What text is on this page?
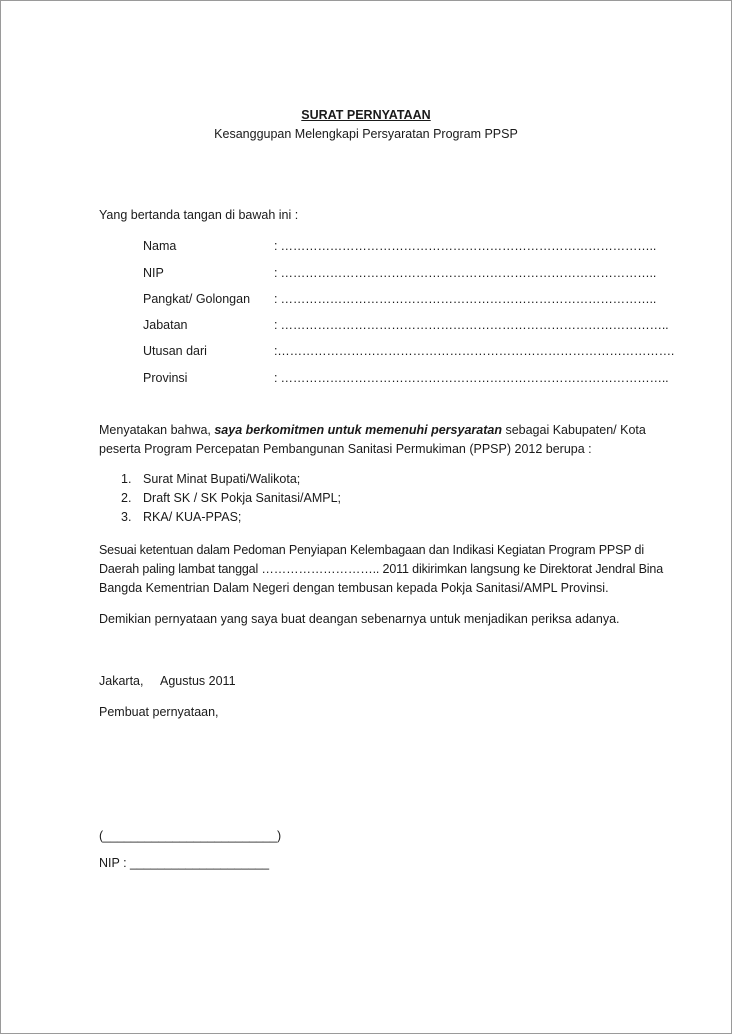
SURAT PERNYATAAN
Kesanggupan Melengkapi Persyaratan Program PPSP
Yang bertanda tangan di bawah ini :
Nama	: ………………………………………………………………………………..
NIP	: ………………………………………………………………………………..
Pangkat/ Golongan : ………………………………………………………………………………..
Jabatan	: …………………………………………………………………………………..
Utusan dari	:…………………………………………………………………………………….
Provinsi	: …………………………………………………………………………………..
Menyatakan bahwa, saya berkomitmen untuk memenuhi persyaratan sebagai Kabupaten/ Kota
peserta Program Percepatan Pembangunan Sanitasi Permukiman (PPSP) 2012 berupa :
1. Surat Minat Bupati/Walikota;
2. Draft SK / SK Pokja Sanitasi/AMPL;
3. RKA/ KUA-PPAS;
Sesuai ketentuan dalam Pedoman Penyiapan Kelembagaan dan Indikasi Kegiatan Program PPSP di
Daerah paling lambat tanggal ……………………….. 2011 dikirimkan langsung ke Direktorat Jendral Bina
Bangda Kementrian Dalam Negeri dengan tembusan kepada Pokja Sanitasi/AMPL Provinsi.
Demikian pernyataan yang saya buat deangan sebenarnya untuk menjadikan periksa adanya.
Jakarta, Agustus 2011
Pembuat pernyataan,
(_________________________)
NIP : ____________________
